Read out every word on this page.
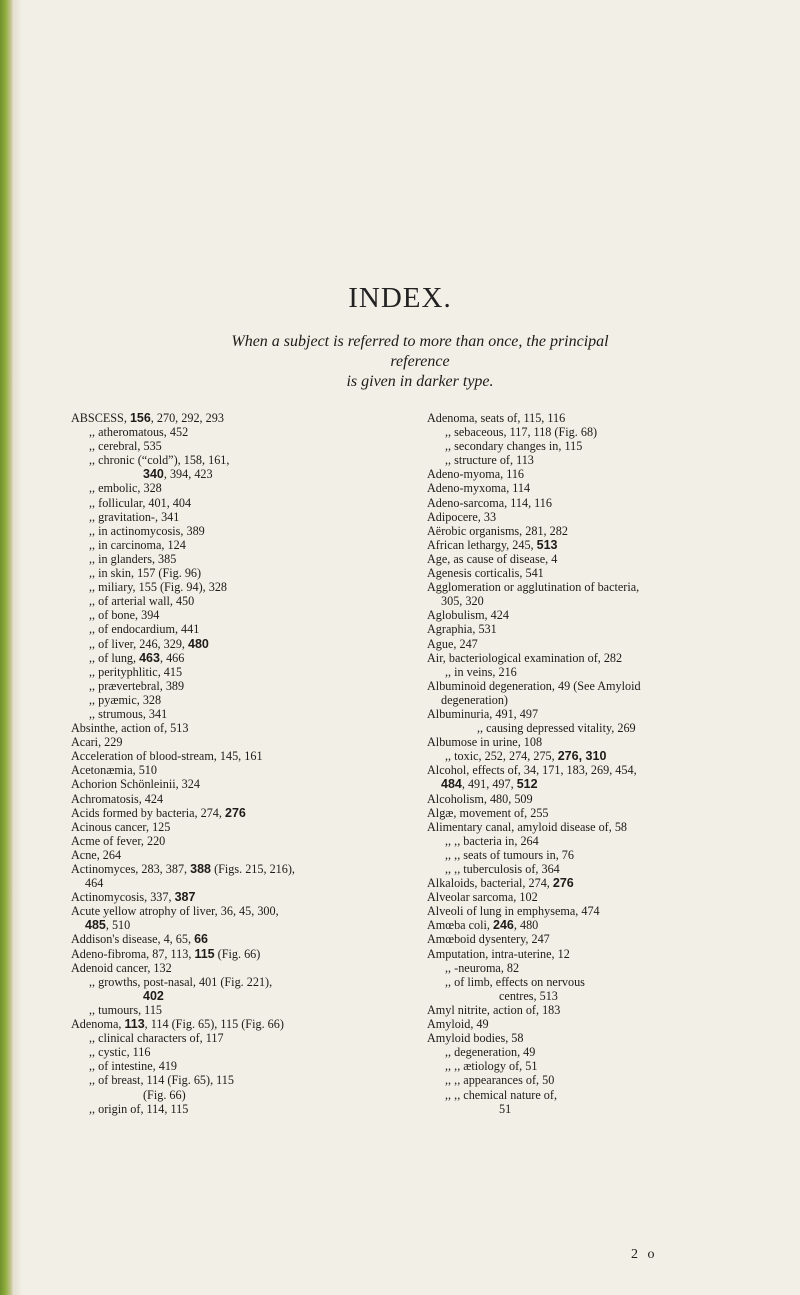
INDEX.
When a subject is referred to more than once, the principal reference
is given in darker type.
ABSCESS, 156, 270, 292, 293
,, atheromatous, 452
,, cerebral, 535
,, chronic (“cold”), 158, 161,
340, 394, 423
,, embolic, 328
,, follicular, 401, 404
,, gravitation-, 341
,, in actinomycosis, 389
,, in carcinoma, 124
,, in glanders, 385
,, in skin, 157 (Fig. 96)
,, miliary, 155 (Fig. 94), 328
,, of arterial wall, 450
,, of bone, 394
,, of endocardium, 441
,, of liver, 246, 329, 480
,, of lung, 463, 466
,, perityphlitic, 415
,, prævertebral, 389
,, pyæmic, 328
,, strumous, 341
Absinthe, action of, 513
Acari, 229
Acceleration of blood-stream, 145, 161
Acetonæmia, 510
Achorion Schönleinii, 324
Achromatosis, 424
Acids formed by bacteria, 274, 276
Acinous cancer, 125
Acme of fever, 220
Acne, 264
Actinomyces, 283, 387, 388 (Figs. 215, 216),
464
Actinomycosis, 337, 387
Acute yellow atrophy of liver, 36, 45, 300,
485, 510
Addison's disease, 4, 65, 66
Adeno-fibroma, 87, 113, 115 (Fig. 66)
Adenoid cancer, 132
,, growths, post-nasal, 401 (Fig. 221),
402
,, tumours, 115
Adenoma, 113, 114 (Fig. 65), 115 (Fig. 66)
,, clinical characters of, 117
,, cystic, 116
,, of intestine, 419
,, of breast, 114 (Fig. 65), 115
(Fig. 66)
,, origin of, 114, 115
Adenoma, seats of, 115, 116
,, sebaceous, 117, 118 (Fig. 68)
,, secondary changes in, 115
,, structure of, 113
Adeno-myoma, 116
Adeno-myxoma, 114
Adeno-sarcoma, 114, 116
Adipocere, 33
Aërobic organisms, 281, 282
African lethargy, 245, 513
Age, as cause of disease, 4
Agenesis corticalis, 541
Agglomeration or agglutination of bacteria,
305, 320
Aglobulism, 424
Agraphia, 531
Ague, 247
Air, bacteriological examination of, 282
,, in veins, 216
Albuminoid degeneration, 49 (See Amyloid
degeneration)
Albuminuria, 491, 497
,, causing depressed vitality, 269
Albumose in urine, 108
,, toxic, 252, 274, 275, 276, 310
Alcohol, effects of, 34, 171, 183, 269, 454,
484, 491, 497, 512
Alcoholism, 480, 509
Algæ, movement of, 255
Alimentary canal, amyloid disease of, 58
,, ,, bacteria in, 264
,, ,, seats of tumours in, 76
,, ,, tuberculosis of, 364
Alkaloids, bacterial, 274, 276
Alveolar sarcoma, 102
Alveoli of lung in emphysema, 474
Amœba coli, 246, 480
Amœboid dysentery, 247
Amputation, intra-uterine, 12
,, -neuroma, 82
,, of limb, effects on nervous
centres, 513
Amyl nitrite, action of, 183
Amyloid, 49
Amyloid bodies, 58
,, degeneration, 49
,, ,, ætiology of, 51
,, ,, appearances of, 50
,, ,, chemical nature of,
51
2 o
